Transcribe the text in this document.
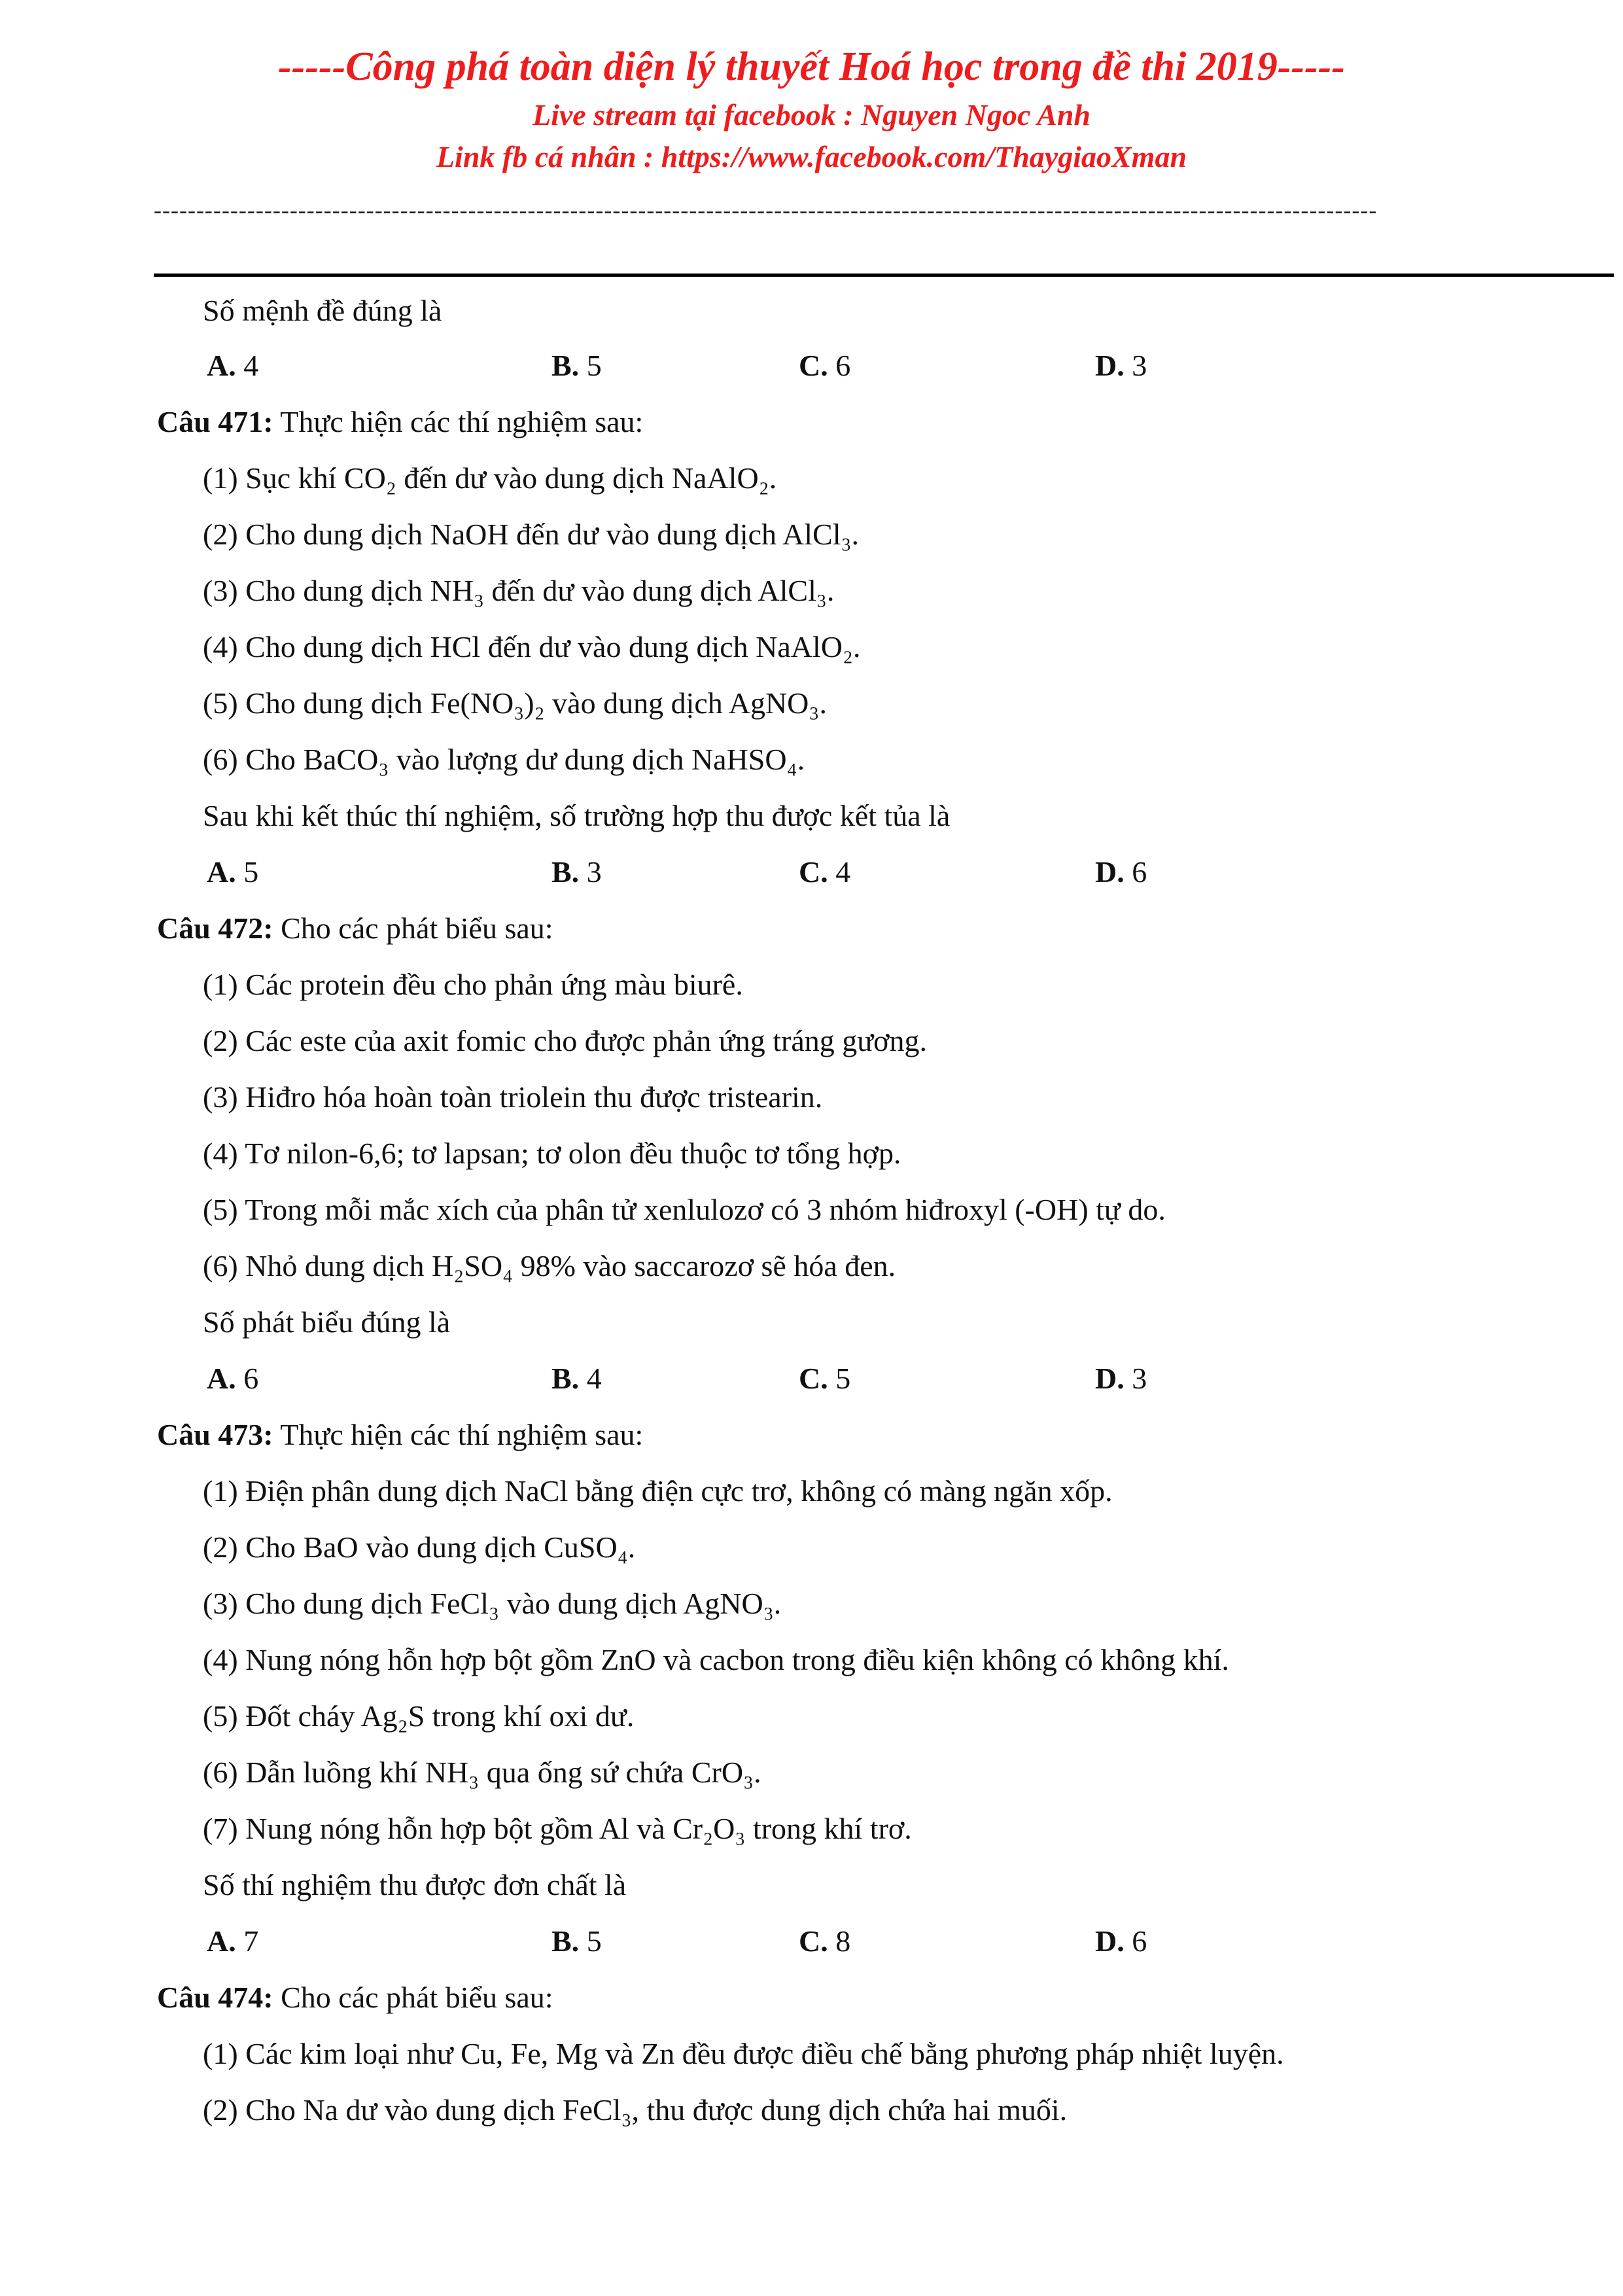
-----Công phá toàn diện lý thuyết Hoá học trong đề thi 2019-----
Live stream tại facebook : Nguyen Ngoc Anh
Link fb cá nhân : https://www.facebook.com/ThaygiaoXman
------------------------------------------------------------------------------------------------------------------------------------------------
Số mệnh đề đúng là
A. 4	B. 5	C. 6	D. 3
Câu 471: Thực hiện các thí nghiệm sau:
(1) Sục khí CO₂ đến dư vào dung dịch NaAlO₂.
(2) Cho dung dịch NaOH đến dư vào dung dịch AlCl₃.
(3) Cho dung dịch NH₃ đến dư vào dung dịch AlCl₃.
(4) Cho dung dịch HCl đến dư vào dung dịch NaAlO₂.
(5) Cho dung dịch Fe(NO₃)₂ vào dung dịch AgNO₃.
(6) Cho BaCO₃ vào lượng dư dung dịch NaHSO₄.
Sau khi kết thúc thí nghiệm, số trường hợp thu được kết tủa là
A. 5	B. 3	C. 4	D. 6
Câu 472: Cho các phát biểu sau:
(1) Các protein đều cho phản ứng màu biurê.
(2) Các este của axit fomic cho được phản ứng tráng gương.
(3) Hiđro hóa hoàn toàn triolein thu được tristearin.
(4) Tơ nilon-6,6; tơ lapsan; tơ olon đều thuộc tơ tổng hợp.
(5) Trong mỗi mắc xích của phân tử xenlulozơ có 3 nhóm hiđroxyl (-OH) tự do.
(6) Nhỏ dung dịch H₂SO₄ 98% vào saccarozơ sẽ hóa đen.
Số phát biểu đúng là
A. 6	B. 4	C. 5	D. 3
Câu 473: Thực hiện các thí nghiệm sau:
(1) Điện phân dung dịch NaCl bằng điện cực trơ, không có màng ngăn xốp.
(2) Cho BaO vào dung dịch CuSO₄.
(3) Cho dung dịch FeCl₃ vào dung dịch AgNO₃.
(4) Nung nóng hỗn hợp bột gồm ZnO và cacbon trong điều kiện không có không khí.
(5) Đốt cháy Ag₂S trong khí oxi dư.
(6) Dẫn luồng khí NH₃ qua ống sứ chứa CrO₃.
(7) Nung nóng hỗn hợp bột gồm Al và Cr₂O₃ trong khí trơ.
Số thí nghiệm thu được đơn chất là
A. 7	B. 5	C. 8	D. 6
Câu 474: Cho các phát biểu sau:
(1) Các kim loại như Cu, Fe, Mg và Zn đều được điều chế bằng phương pháp nhiệt luyện.
(2) Cho Na dư vào dung dịch FeCl₃, thu được dung dịch chứa hai muối.
